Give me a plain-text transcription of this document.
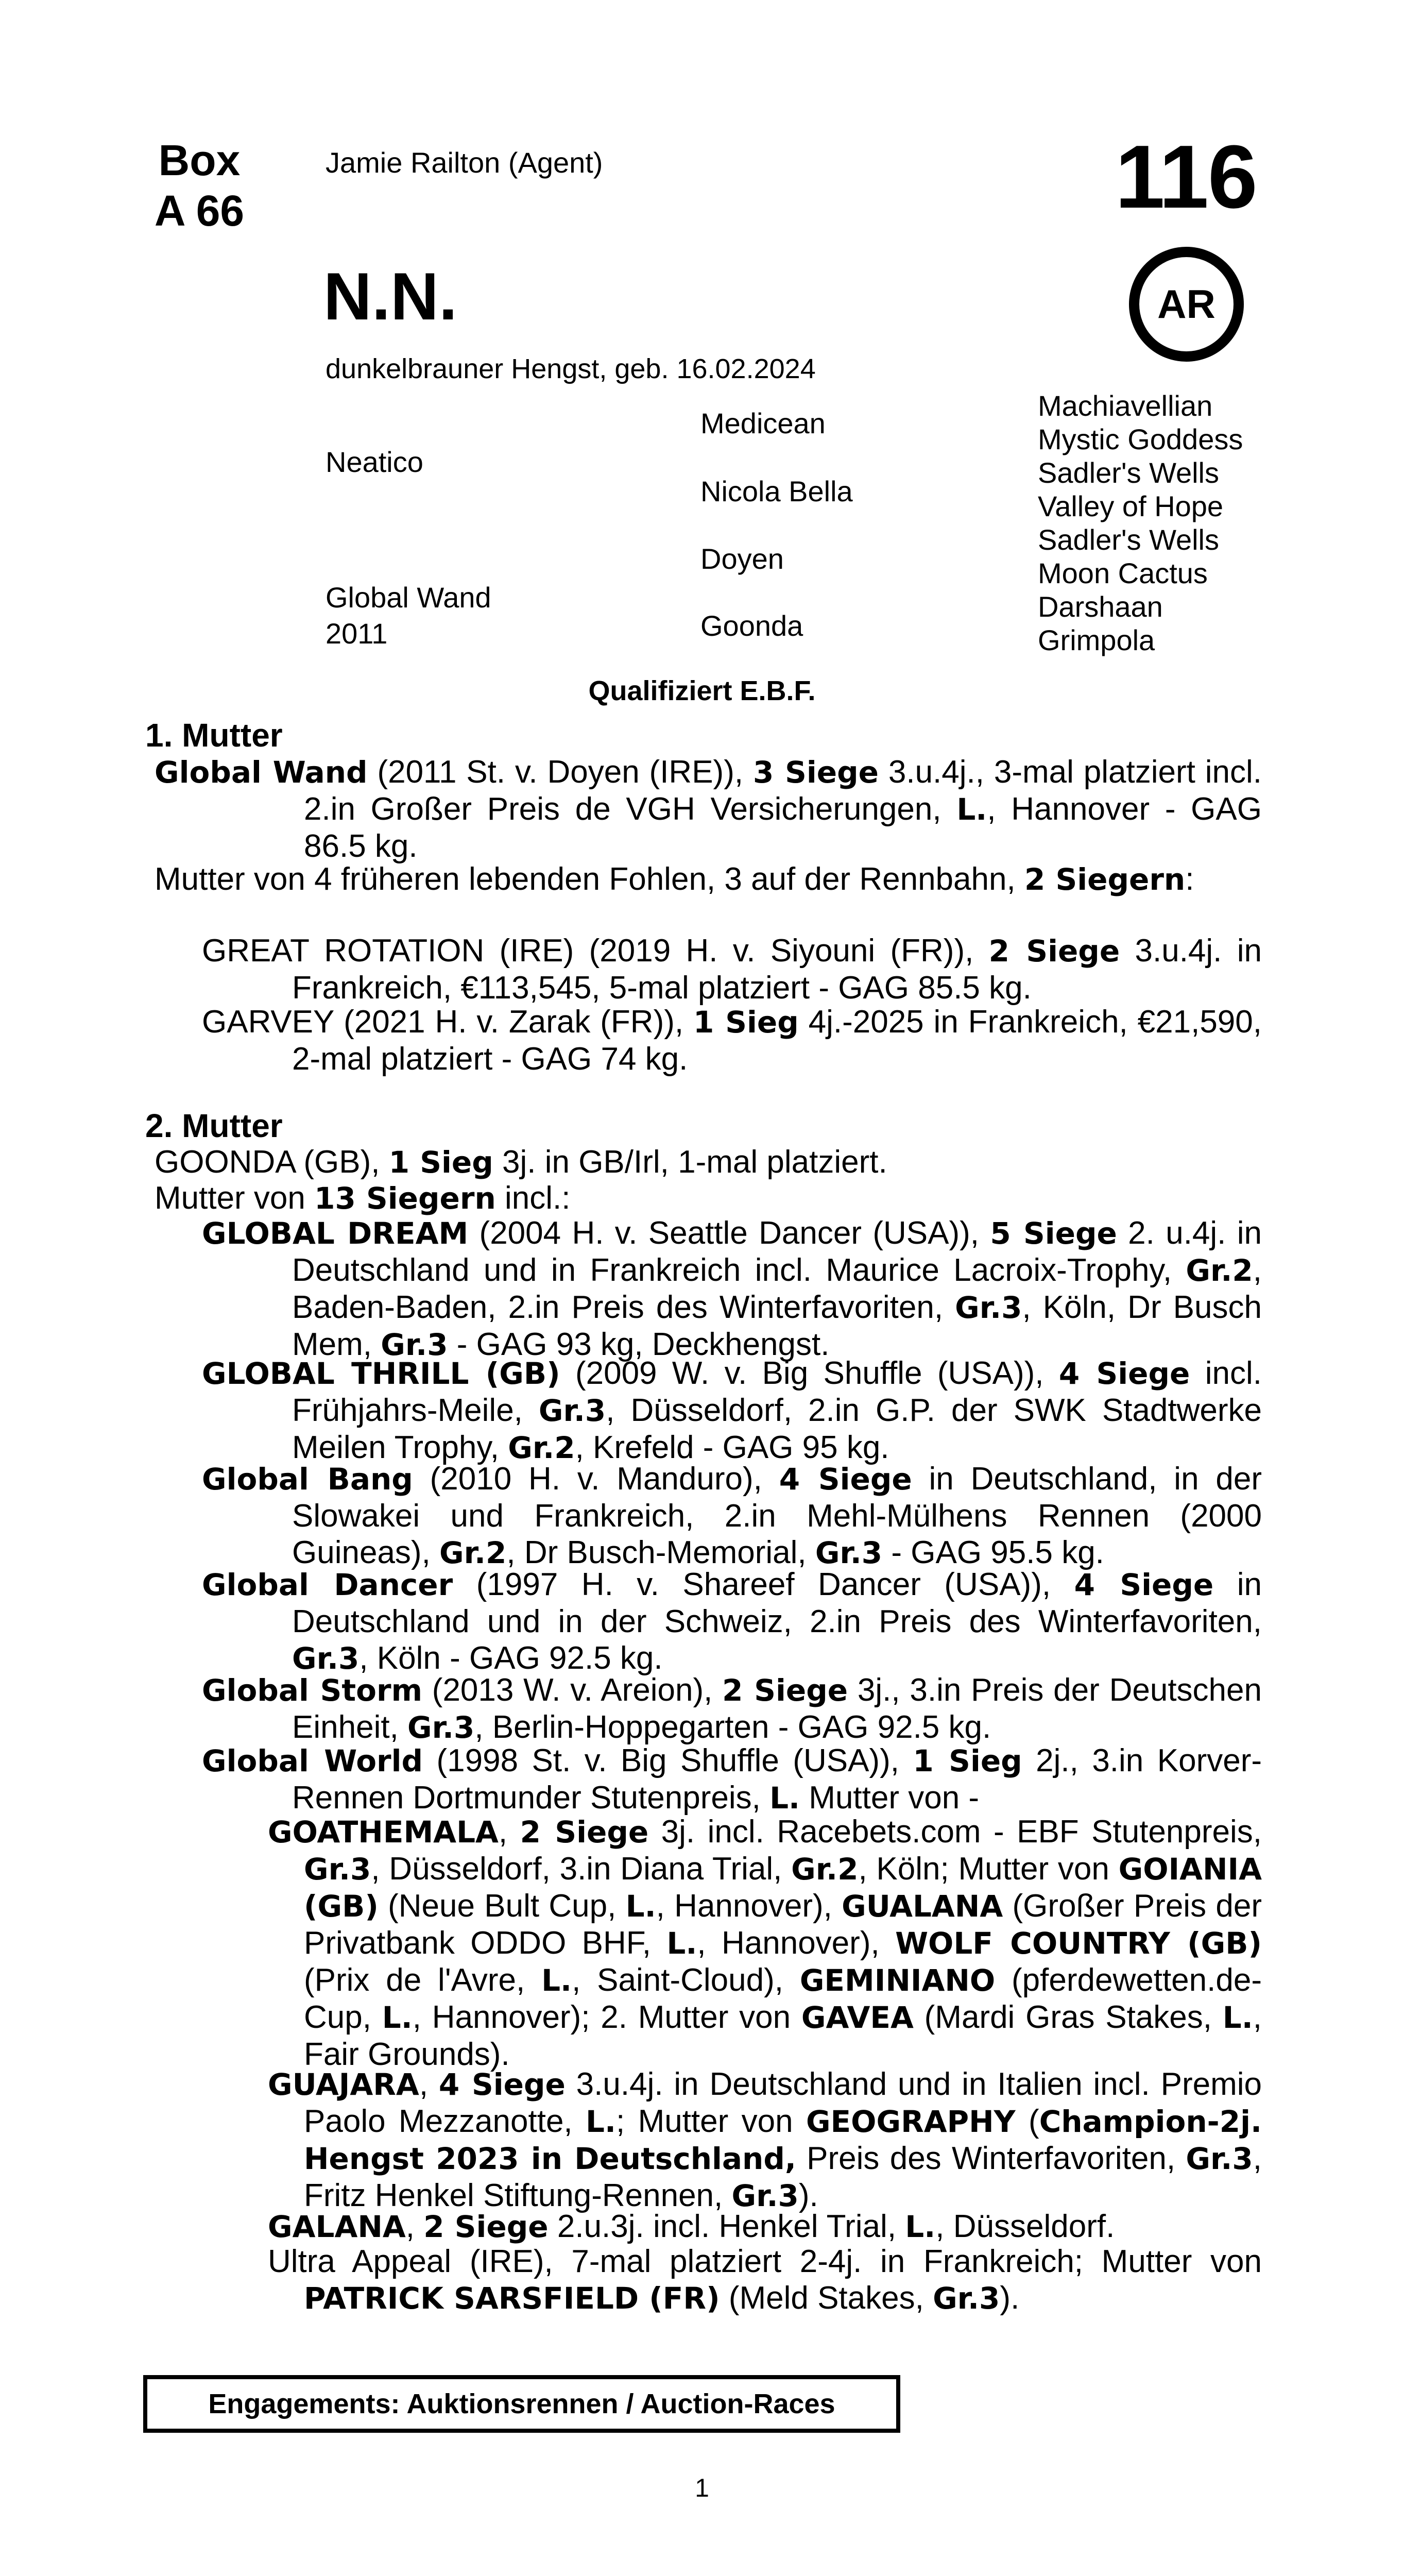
Box
A 66
Jamie Railton (Agent)	116
AR
N.N.
dunkelbrauner Hengst, geb. 16.02.2024
Neatico
Global Wand
2011
Medicean
Nicola Bella
Doyen
Goonda
Machiavellian
Mystic Goddess
Sadler's Wells
Valley of Hope
Sadler's Wells
Moon Cactus
Darshaan
Grimpola
Qualifiziert E.B.F.
1. Mutter
Global Wand (2011 St. v. Doyen (IRE)), 3 Siege 3.u.4j., 3-mal platziert incl. 2.in Großer Preis de VGH Versicherungen, L., Hannover - GAG 86.5 kg.
Mutter von 4 früheren lebenden Fohlen, 3 auf der Rennbahn, 2 Siegern:
GREAT ROTATION (IRE) (2019 H. v. Siyouni (FR)), 2 Siege 3.u.4j. in Frankreich, €113,545, 5-mal platziert - GAG 85.5 kg.
GARVEY (2021 H. v. Zarak (FR)), 1 Sieg 4j.-2025 in Frankreich, €21,590, 2-mal platziert - GAG 74 kg.
2. Mutter
GOONDA (GB), 1 Sieg 3j. in GB/Irl, 1-mal platziert.
Mutter von 13 Siegern incl.:
GLOBAL DREAM (2004 H. v. Seattle Dancer (USA)), 5 Siege 2. u.4j. in Deutschland und in Frankreich incl. Maurice Lacroix-Trophy, Gr.2, Baden-Baden, 2.in Preis des Winterfavoriten, Gr.3, Köln, Dr Busch Mem, Gr.3 - GAG 93 kg, Deckhengst.
GLOBAL THRILL (GB) (2009 W. v. Big Shuffle (USA)), 4 Siege incl. Frühjahrs-Meile, Gr.3, Düsseldorf, 2.in G.P. der SWK Stadtwerke Meilen Trophy, Gr.2, Krefeld - GAG 95 kg.
Global Bang (2010 H. v. Manduro), 4 Siege in Deutschland, in der Slowakei und Frankreich, 2.in Mehl-Mülhens Rennen (2000 Guineas), Gr.2, Dr Busch-Memorial, Gr.3 - GAG 95.5 kg.
Global Dancer (1997 H. v. Shareef Dancer (USA)), 4 Siege in Deutschland und in der Schweiz, 2.in Preis des Winterfavoriten, Gr.3, Köln - GAG 92.5 kg.
Global Storm (2013 W. v. Areion), 2 Siege 3j., 3.in Preis der Deutschen Einheit, Gr.3, Berlin-Hoppegarten - GAG 92.5 kg.
Global World (1998 St. v. Big Shuffle (USA)), 1 Sieg 2j., 3.in Korver-Rennen Dortmunder Stutenpreis, L. Mutter von -
GOATHEMALA, 2 Siege 3j. incl. Racebets.com - EBF Stutenpreis, Gr.3, Düsseldorf, 3.in Diana Trial, Gr.2, Köln; Mutter von GOIANIA (GB) (Neue Bult Cup, L., Hannover), GUALANA (Großer Preis der Privatbank ODDO BHF, L., Hannover), WOLF COUNTRY (GB) (Prix de l'Avre, L., Saint-Cloud), GEMINIANO (pferdewetten.de-Cup, L., Hannover); 2. Mutter von GAVEA (Mardi Gras Stakes, L., Fair Grounds).
GUAJARA, 4 Siege 3.u.4j. in Deutschland und in Italien incl. Premio Paolo Mezzanotte, L.; Mutter von GEOGRAPHY (Champion-2j. Hengst 2023 in Deutschland, Preis des Winterfavoriten, Gr.3, Fritz Henkel Stiftung-Rennen, Gr.3).
GALANA, 2 Siege 2.u.3j. incl. Henkel Trial, L., Düsseldorf.
Ultra Appeal (IRE), 7-mal platziert 2-4j. in Frankreich; Mutter von PATRICK SARSFIELD (FR) (Meld Stakes, Gr.3).
Engagements: Auktionsrennen / Auction-Races
1
